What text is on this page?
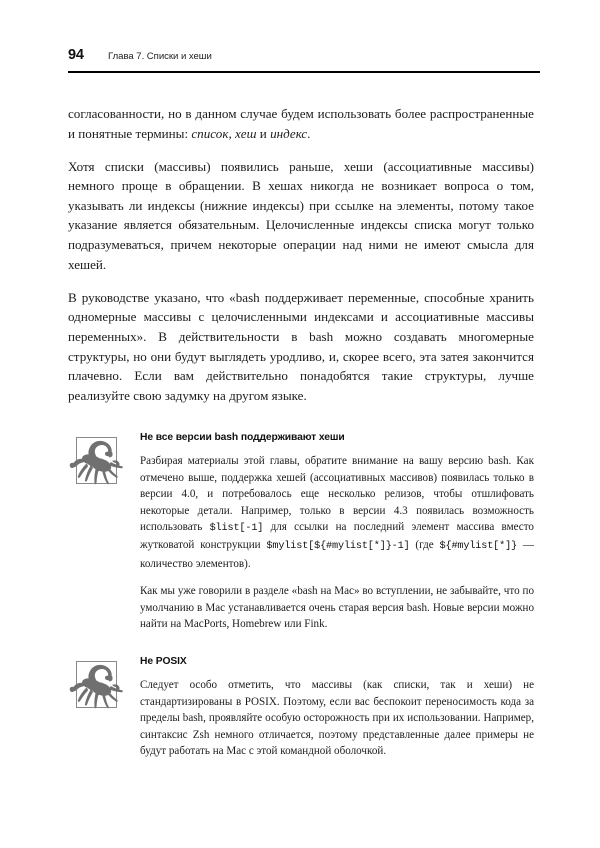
94	Глава 7. Списки и хеши

согласованности, но в данном случае будем использовать более распространенные и понятные термины: список, хеш и индекс.

Хотя списки (массивы) появились раньше, хеши (ассоциативные массивы) немного проще в обращении. В хешах никогда не возникает вопроса о том, указывать ли индексы (нижние индексы) при ссылке на элементы, потому такое указание является обязательным. Целочисленные индексы списка могут только подразумеваться, причем некоторые операции над ними не имеют смысла для хешей.

В руководстве указано, что «bash поддерживает переменные, способные хранить одномерные массивы с целочисленными индексами и ассоциативные массивы переменных». В действительности в bash можно создавать многомерные структуры, но они будут выглядеть уродливо, и, скорее всего, эта затея закончится плачевно. Если вам действительно понадобятся такие структуры, лучше реализуйте свою задумку на другом языке.

Не все версии bash поддерживают хеши

Разбирая материалы этой главы, обратите внимание на вашу версию bash. Как отмечено выше, поддержка хешей (ассоциативных массивов) появилась только в версии 4.0, и потребовалось еще несколько релизов, чтобы отшлифовать некоторые детали. Например, только в версии 4.3 появилась возможность использовать $list[-1] для ссылки на последний элемент массива вместо жутковатой конструкции $mylist[${#mylist[*]}-1] (где ${#mylist[*]} — количество элементов).

Как мы уже говорили в разделе «bash на Mac» во вступлении, не забывайте, что по умолчанию в Mac устанавливается очень старая версия bash. Новые версии можно найти на MacPorts, Homebrew или Fink.

Не POSIX

Следует особо отметить, что массивы (как списки, так и хеши) не стандартизированы в POSIX. Поэтому, если вас беспокоит переносимость кода за пределы bash, проявляйте особую осторожность при их использовании. Например, синтаксис Zsh немного отличается, поэтому представленные далее примеры не будут работать на Mac с этой командной оболочкой.
